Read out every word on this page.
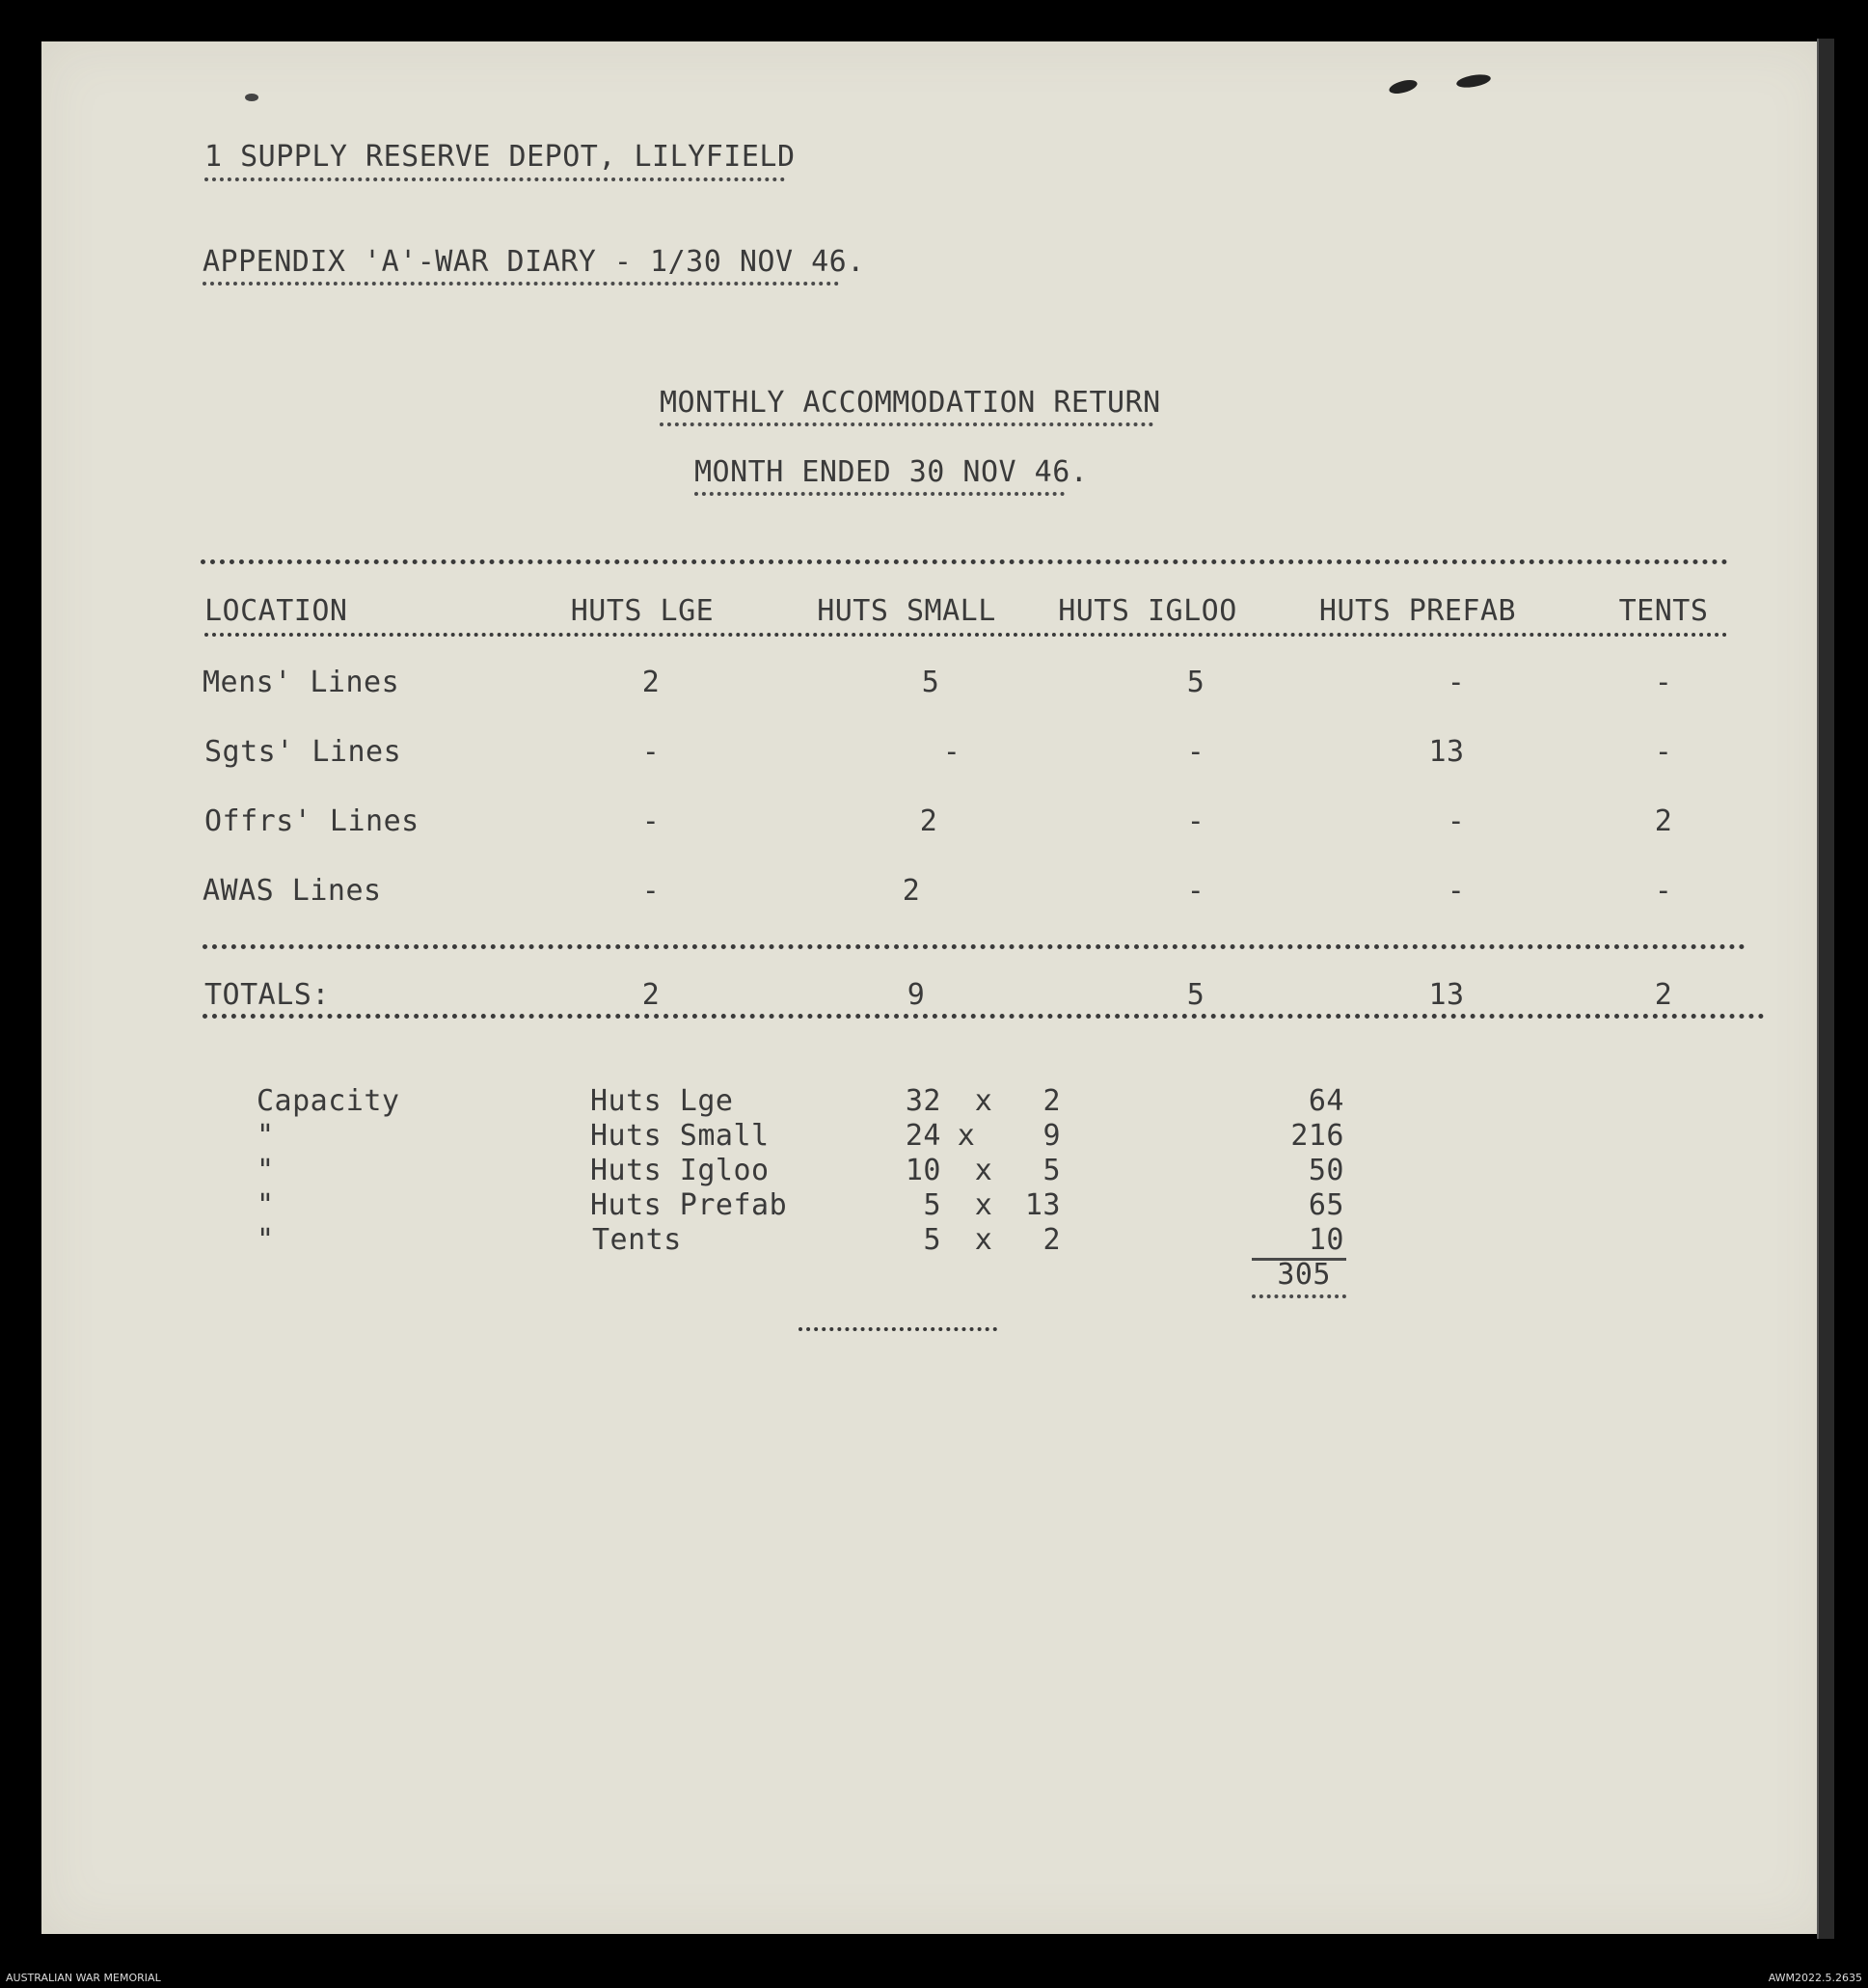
1 SUPPLY RESERVE DEPOT, LILYFIELD
APPENDIX 'A'-WAR DIARY - 1/30 NOV 46.
MONTHLY ACCOMMODATION RETURN
MONTH ENDED 30 NOV 46.
LOCATION	HUTS LGE	HUTS SMALL	HUTS IGLOO	HUTS PREFAB	TENTS
Mens' Lines	2	5	5	-	-
Sgts' Lines	-	-	-	13	-
Offrs' Lines	-	2	-	-	2
AWAS Lines	-	2	-	-	-
TOTALS:	2	9	5	13	2
Capacity	Huts Lge	32	x	2	64
"	Huts Small	24 x	9	216
"	Huts Igloo	10	x	5	50
"	Huts Prefab	5	x	13	65
"	Tents	5	x	2	10
305
AUSTRALIAN WAR MEMORIAL	AWM2022.5.2635
